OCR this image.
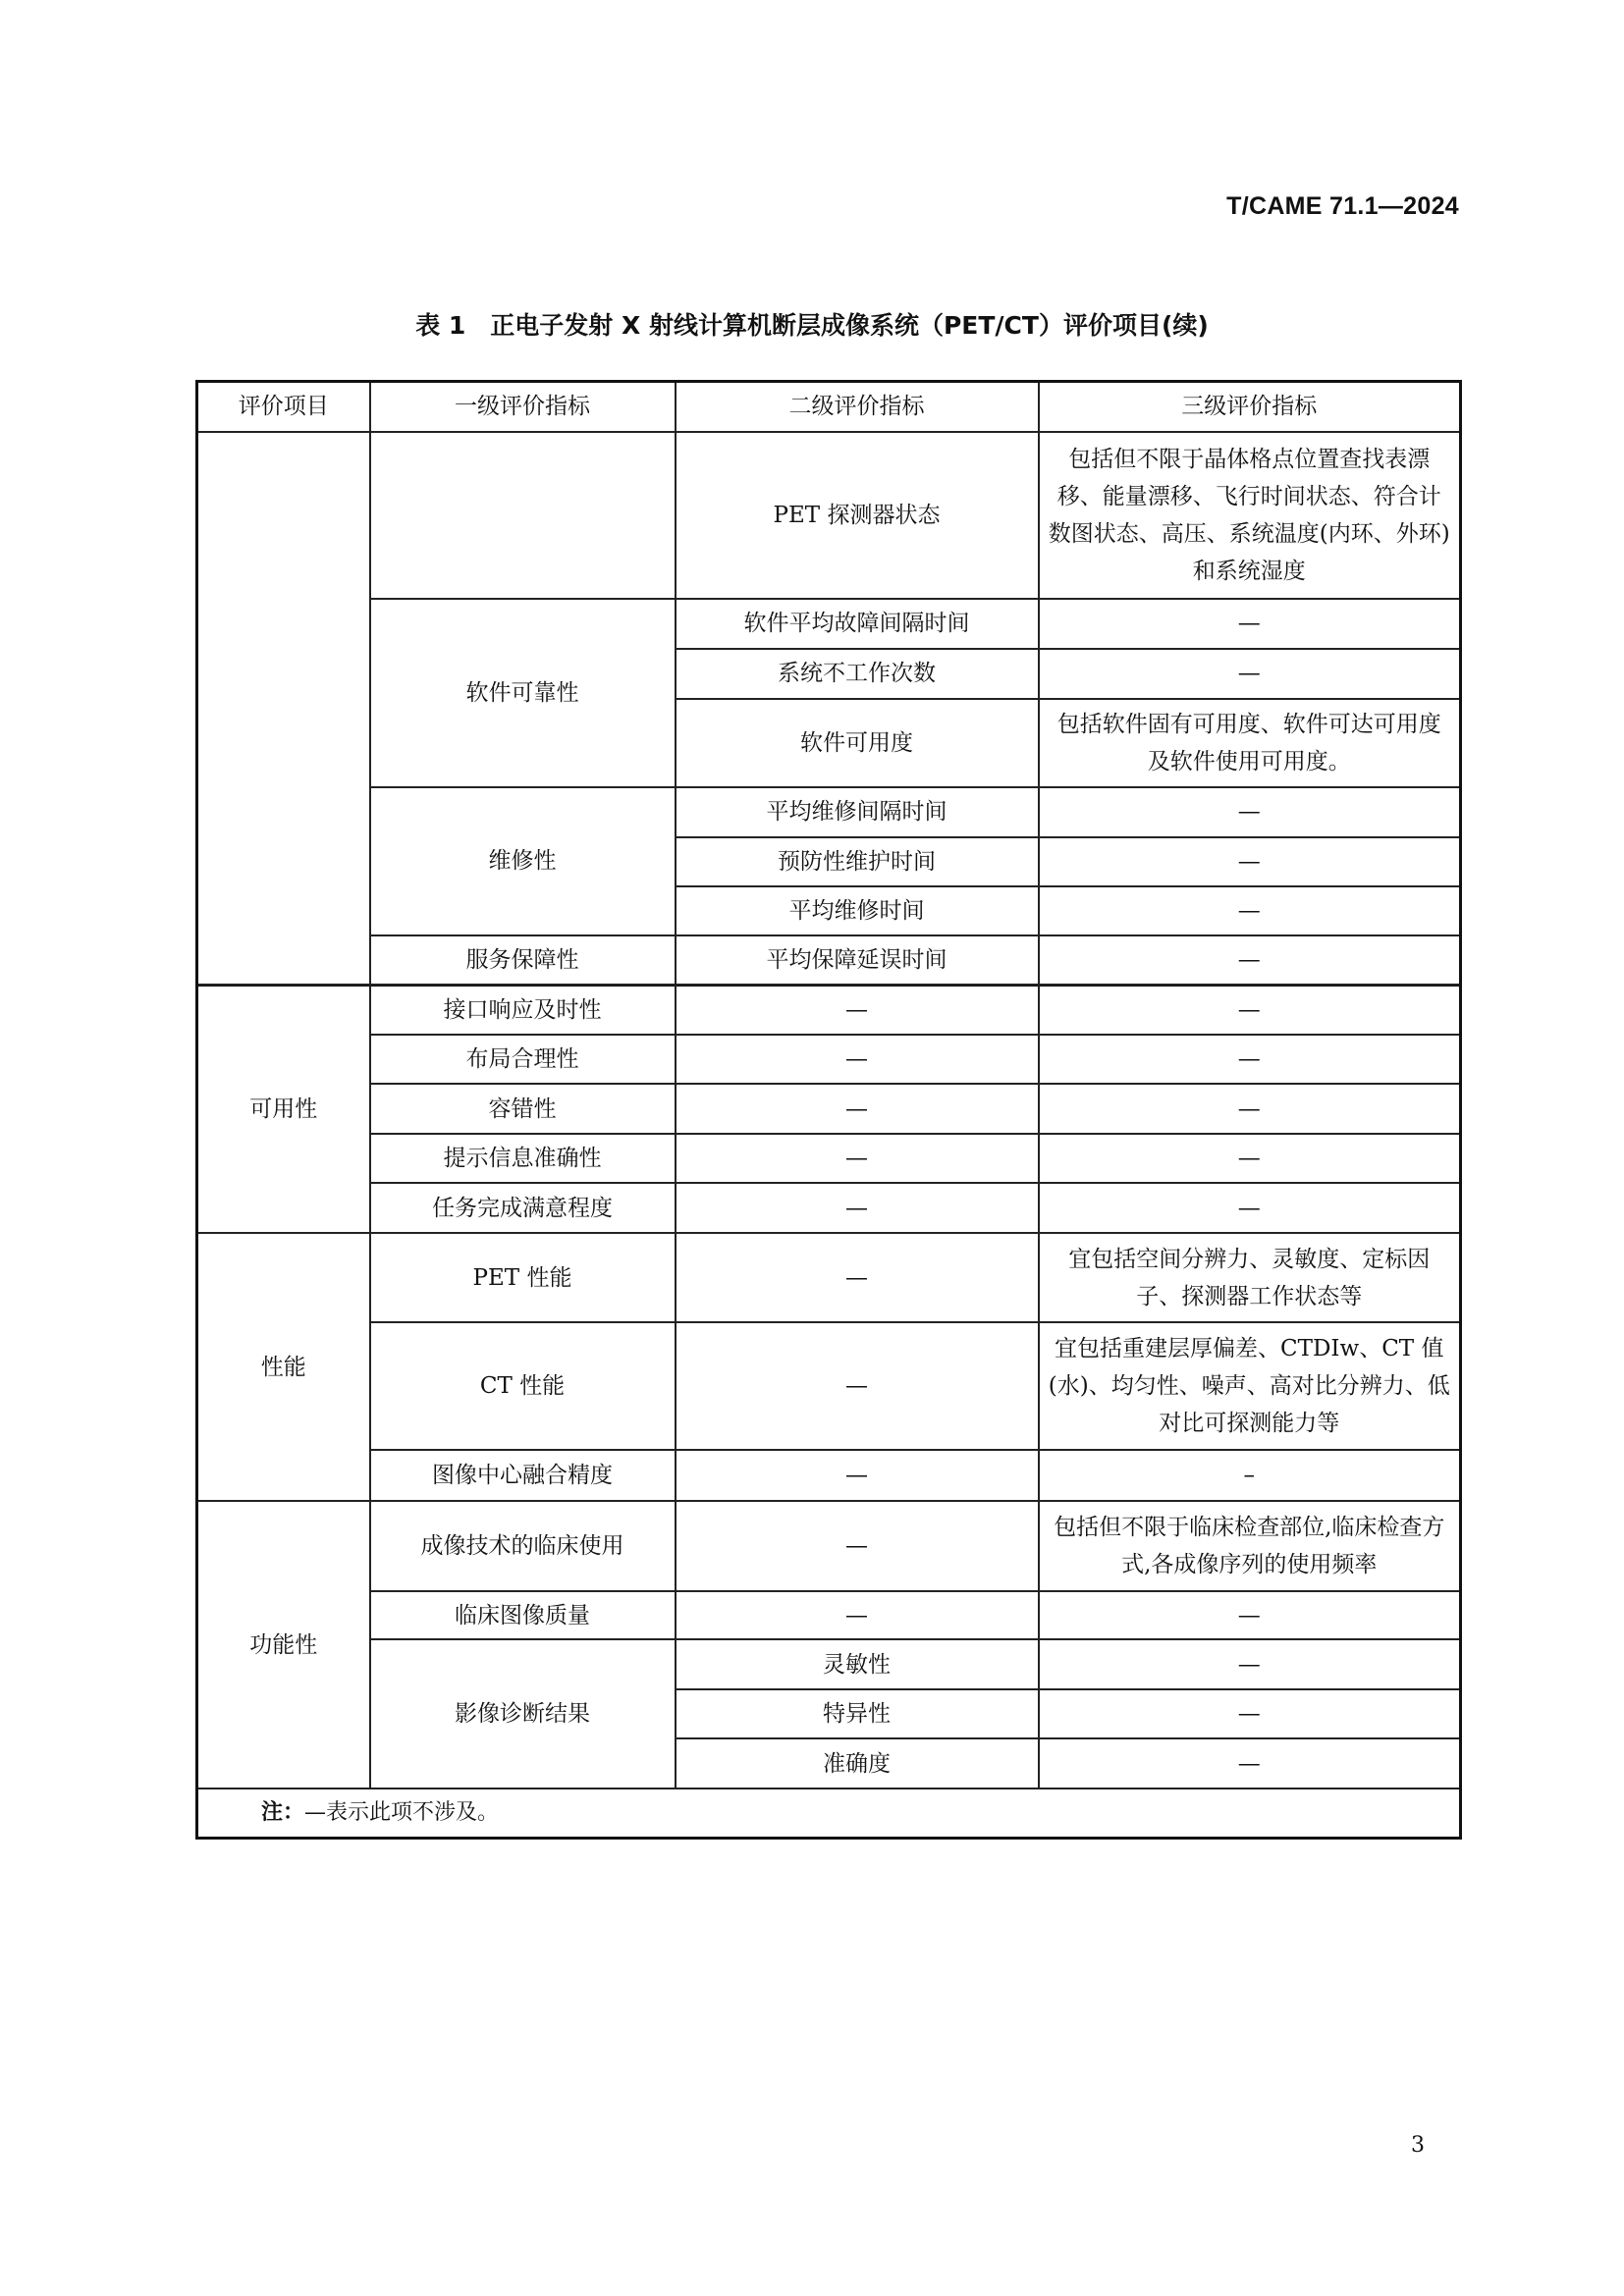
T/CAME 71.1—2024
表 1　正电子发射 X 射线计算机断层成像系统（PET/CT）评价项目(续)
评价项目	一级评价指标	二级评价指标	三级评价指标
		PET 探测器状态	包括但不限于晶体格点位置查找表漂移、能量漂移、飞行时间状态、符合计数图状态、高压、系统温度(内环、外环)和系统湿度
	软件可靠性	软件平均故障间隔时间	—
		系统不工作次数	—
		软件可用度	包括软件固有可用度、软件可达可用度及软件使用可用度。
	维修性	平均维修间隔时间	—
		预防性维护时间	—
		平均维修时间	—
	服务保障性	平均保障延误时间	—
可用性	接口响应及时性	—	—
	布局合理性	—	—
	容错性	—	—
	提示信息准确性	—	—
	任务完成满意程度	—	—
性能	PET 性能	—	宜包括空间分辨力、灵敏度、定标因子、探测器工作状态等
	CT 性能	—	宜包括重建层厚偏差、CTDIw、CT 值(水)、均匀性、噪声、高对比分辨力、低对比可探测能力等
	图像中心融合精度	—	–
功能性	成像技术的临床使用	—	包括但不限于临床检查部位,临床检查方式,各成像序列的使用频率
	临床图像质量	—	—
	影像诊断结果	灵敏性	—
		特异性	—
		准确度	—
注：—表示此项不涉及。			
3
